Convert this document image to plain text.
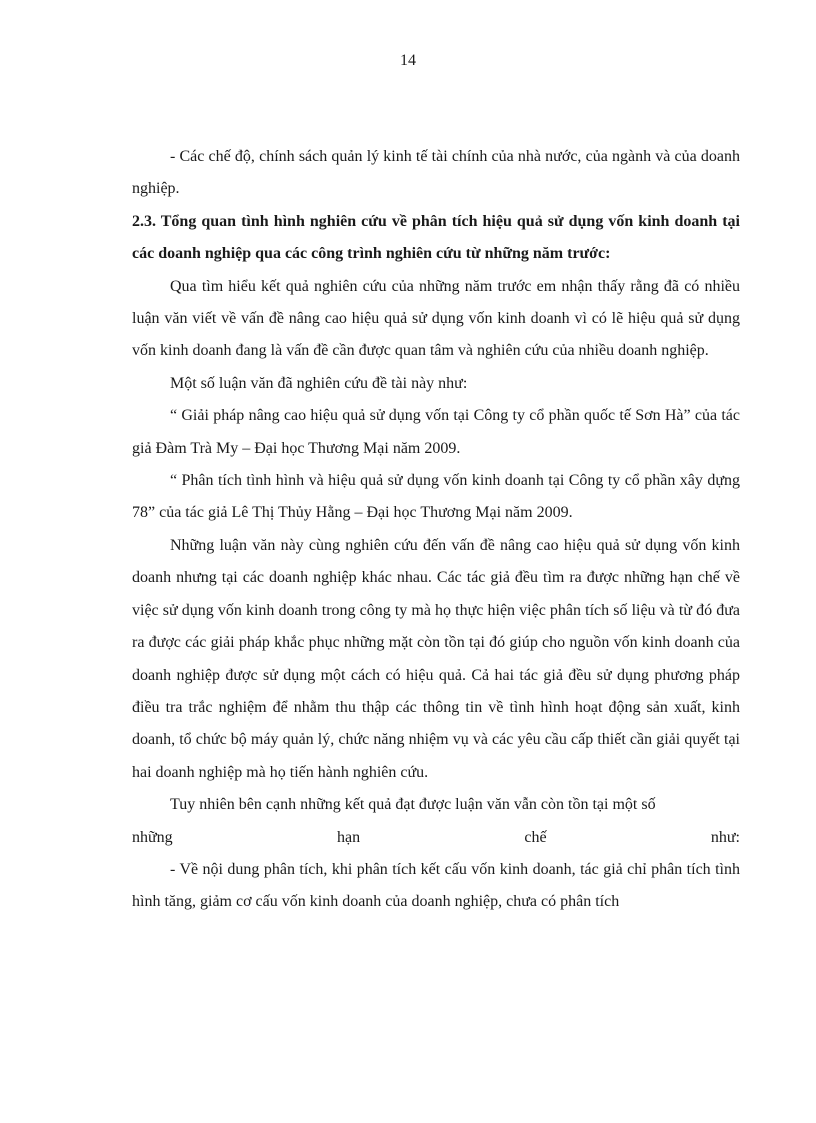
14

- Các chế độ, chính sách quản lý kinh tế tài chính của nhà nước, của ngành và của doanh nghiệp.

2.3. Tổng quan tình hình nghiên cứu về phân tích hiệu quả sử dụng vốn kinh doanh tại các doanh nghiệp qua các công trình nghiên cứu từ những năm trước:

Qua tìm hiểu kết quả nghiên cứu của những năm trước em nhận thấy rằng đã có nhiều luận văn viết về vấn đề nâng cao hiệu quả sử dụng vốn kinh doanh vì có lẽ hiệu quả sử dụng vốn kinh doanh đang là vấn đề cần được quan tâm và nghiên cứu của nhiều doanh nghiệp.

Một số luận văn đã nghiên cứu đề tài này như:

“ Giải pháp nâng cao hiệu quả sử dụng vốn tại Công ty cổ phần quốc tế Sơn Hà” của tác giả Đàm Trà My – Đại học Thương Mại năm 2009.

“ Phân tích tình hình và hiệu quả sử dụng vốn kinh doanh tại Công ty cổ phần xây dựng 78” của tác giả Lê Thị Thủy Hằng – Đại học Thương Mại năm 2009.

Những luận văn này cùng nghiên cứu đến vấn đề nâng cao hiệu quả sử dụng vốn kinh doanh nhưng tại các doanh nghiệp khác nhau. Các tác giả đều tìm ra được những hạn chế về việc sử dụng vốn kinh doanh trong công ty mà họ thực hiện việc phân tích số liệu và từ đó đưa ra được các giải pháp khắc phục những mặt còn tồn tại đó giúp cho nguồn vốn kinh doanh của doanh nghiệp được sử dụng một cách có hiệu quả. Cả hai tác giả đều sử dụng phương pháp điều tra trắc nghiệm để nhằm thu thập các thông tin về tình hình hoạt động sản xuất, kinh doanh, tổ chức bộ máy quản lý, chức năng nhiệm vụ và các yêu cầu cấp thiết cần giải quyết tại hai doanh nghiệp mà họ tiến hành nghiên cứu.

Tuy nhiên bên cạnh những kết quả đạt được luận văn vẫn còn tồn tại một số

những	hạn	chế	như:

- Về nội dung phân tích, khi phân tích kết cấu vốn kinh doanh, tác giả chỉ phân tích tình hình tăng, giảm cơ cấu vốn kinh doanh của doanh nghiệp, chưa có phân tích
